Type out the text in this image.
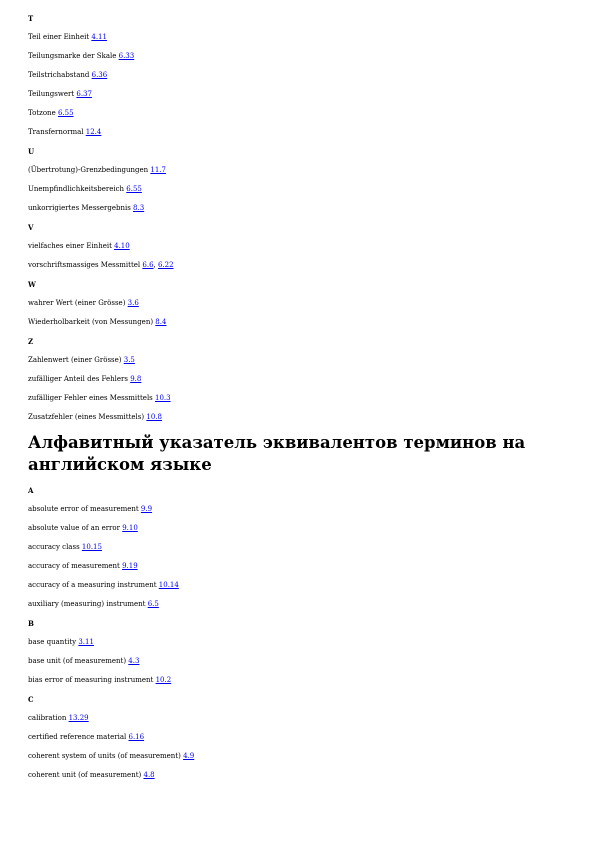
T
Teil einer Einheit 4.11
Teilungsmarke der Skale 6.33
Teilstrichabstand 6.36
Teilungswert 6.37
Totzone 6.55
Transfernormal 12.4
U
(Übertrotung)-Grenzbedingungen 11.7
Unempfindlichkeitsbereich 6.55
unkorrigiertes Messergebnis 8.3
V
vielfaches einer Einheit 4.10
vorschriftsmassiges Messmittel 6.6, 6.22
W
wahrer Wert (einer Grösse) 3.6
Wiederholbarkeit (von Messungen) 8.4
Z
Zahlenwert (einer Grösse) 3.5
zufälliger Anteil des Fehlers 9.8
zufälliger Fehler eines Messmittels 10.3
Zusatzfehler (eines Messmittels) 10.8
Алфавитный указатель эквивалентов терминов на английском языке
A
absolute error of measurement 9.9
absolute value of an error 9.10
accuracy class 10.15
accuracy of measurement 9.19
accuracy of a measuring instrument 10.14
auxiliary (measuring) instrument 6.5
B
base quantity 3.11
base unit (of measurement) 4.3
bias error of measuring instrument 10.2
C
calibration 13.29
certified reference material 6.16
coherent system of units (of measurement) 4.9
coherent unit (of measurement) 4.8
